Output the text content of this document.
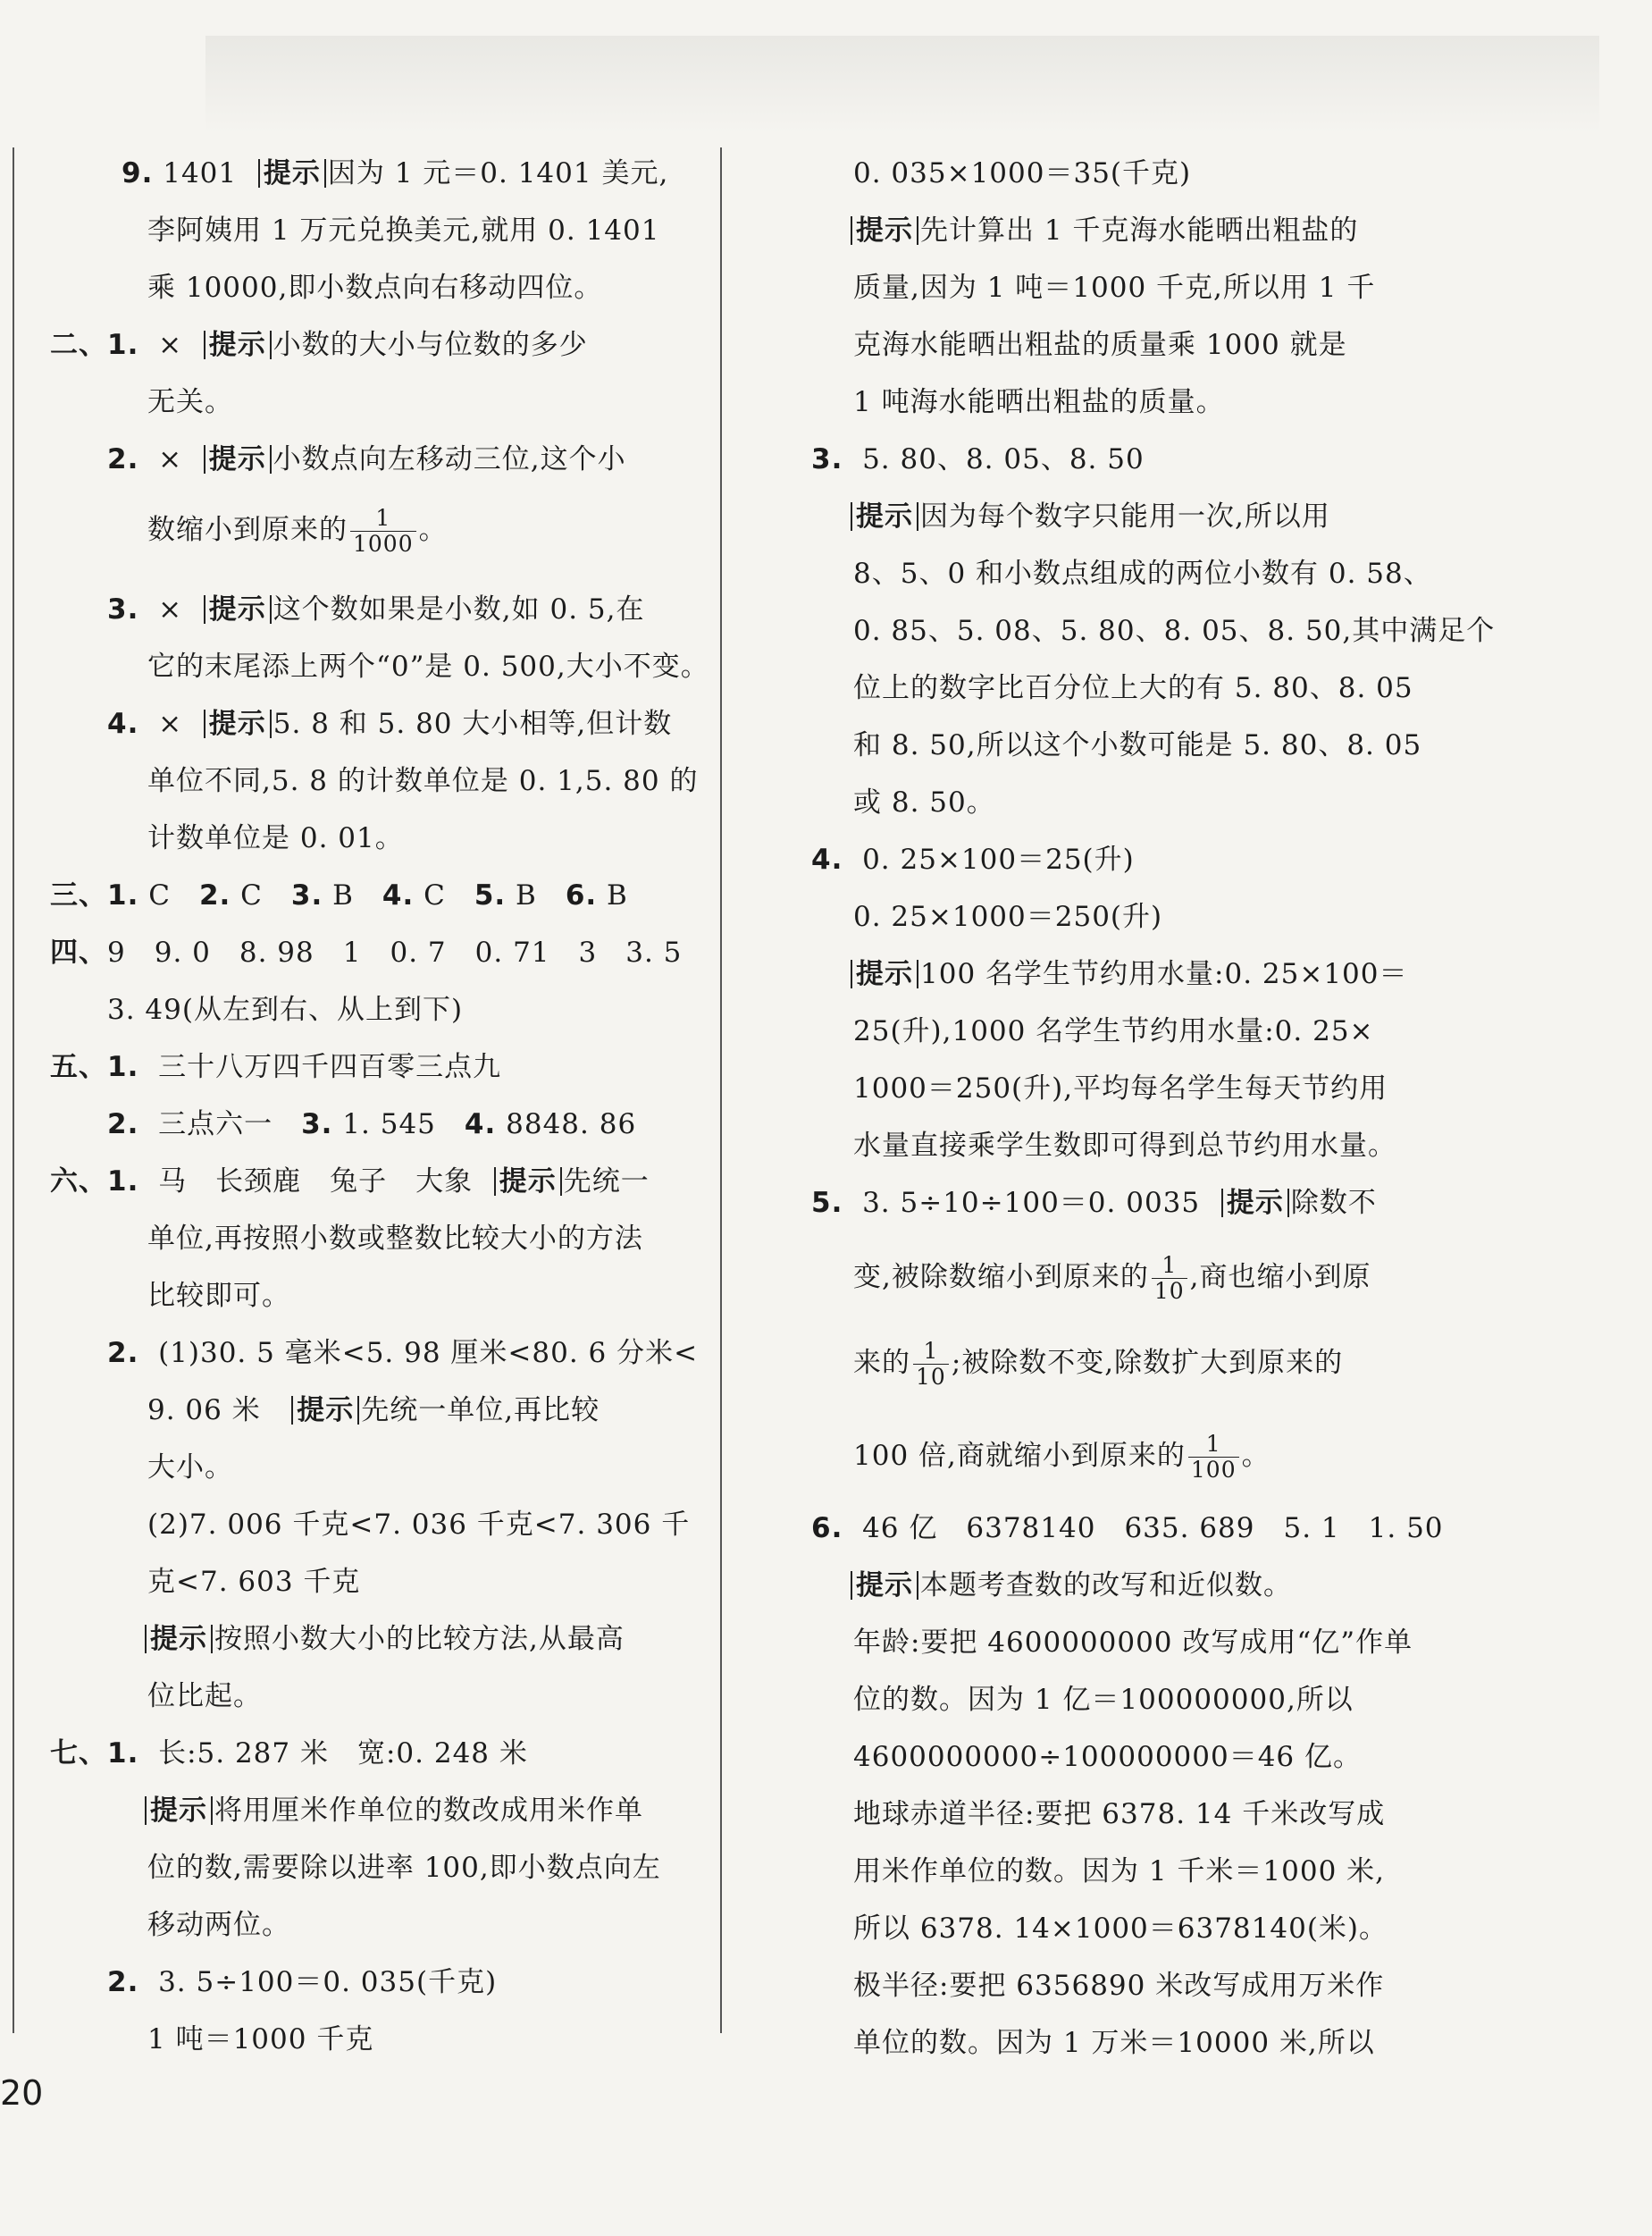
9. 1401 提示 因为 1 元＝0. 1401 美元,
李阿姨用 1 万元兑换美元,就用 0. 1401
乘 10000,即小数点向右移动四位。
二、1. × 提示 小数的大小与位数的多少
无关。
2. × 提示 小数点向左移动三位,这个小
数缩小到原来的 $\frac{1}{1000}$ 。
3. × 提示 这个数如果是小数,如 0. 5,在
它的末尾添上两个“0”是 0. 500,大小不变。
4. × 提示 5. 8 和 5. 80 大小相等,但计数
单位不同,5. 8 的计数单位是 0. 1,5. 80 的
计数单位是 0. 01。
三、1. C　2. C　3. B　4. C　5. B　6. B
四、9　9. 0　8. 98　1　0. 7　0. 71　3　3. 5
3. 49(从左到右、从上到下)
五、1. 三十八万四千四百零三点九
2. 三点六一　3. 1. 545　4. 8848. 86
六、1. 马　长颈鹿　兔子　大象 提示 先统一
单位,再按照小数或整数比较大小的方法
比较即可。
2. (1)30. 5 毫米<5. 98 厘米<80. 6 分米<
9. 06 米 提示 先统一单位,再比较
大小。
(2)7. 006 千克<7. 036 千克<7. 306 千
克<7. 603 千克
提示 按照小数大小的比较方法,从最高
位比起。
七、1. 长:5. 287 米　宽:0. 248 米
提示 将用厘米作单位的数改成用米作单
位的数,需要除以进率 100,即小数点向左
移动两位。
2. 3. 5÷100＝0. 035(千克)
1 吨＝1000 千克
0. 035×1000＝35(千克)
提示 先计算出 1 千克海水能晒出粗盐的
质量,因为 1 吨＝1000 千克,所以用 1 千
克海水能晒出粗盐的质量乘 1000 就是
1 吨海水能晒出粗盐的质量。
3. 5. 80、8. 05、8. 50
提示 因为每个数字只能用一次,所以用
8、5、0 和小数点组成的两位小数有 0. 58、
0. 85、5. 08、5. 80、8. 05、8. 50,其中满足个
位上的数字比百分位上大的有 5. 80、8. 05
和 8. 50,所以这个小数可能是 5. 80、8. 05
或 8. 50。
4. 0. 25×100＝25(升)
0. 25×1000＝250(升)
提示 100 名学生节约用水量:0. 25×100＝
25(升),1000 名学生节约用水量:0. 25×
1000＝250(升),平均每名学生每天节约用
水量直接乘学生数即可得到总节约用水量。
5. 3. 5÷10÷100＝0. 0035 提示 除数不
变,被除数缩小到原来的 $\frac{1}{10}$ ,商也缩小到原
来的 $\frac{1}{10}$ ;被除数不变,除数扩大到原来的
100 倍,商就缩小到原来的 $\frac{1}{100}$ 。
6. 46 亿　6378140　635. 689　5. 1　1. 50
提示 本题考查数的改写和近似数。
年龄:要把 4600000000 改写成用“亿”作单
位的数。因为 1 亿＝100000000,所以
4600000000÷100000000＝46 亿。
地球赤道半径:要把 6378. 14 千米改写成
用米作单位的数。因为 1 千米＝1000 米,
所以 6378. 14×1000＝6378140(米)。
极半径:要把 6356890 米改写成用万米作
单位的数。因为 1 万米＝10000 米,所以
20
